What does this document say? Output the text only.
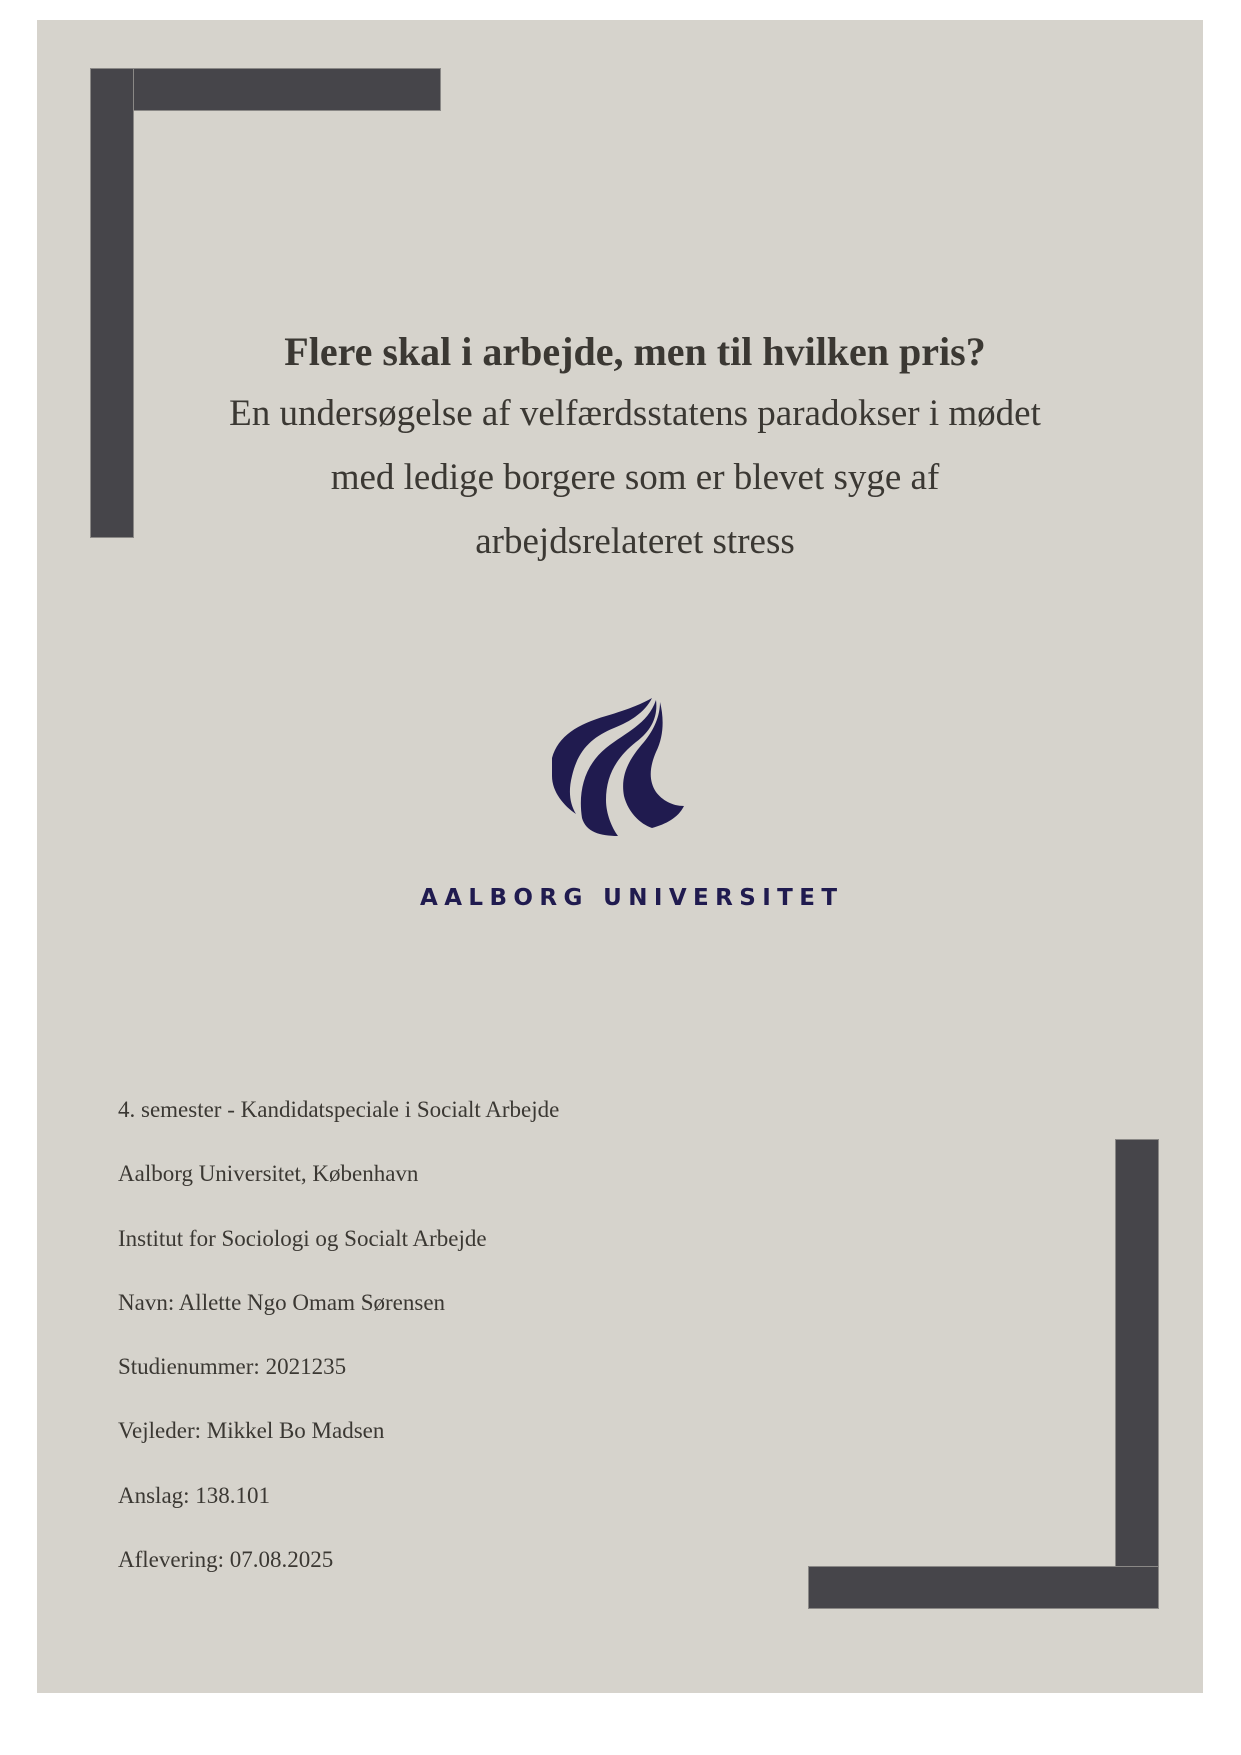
Flere skal i arbejde, men til hvilken pris?

En undersøgelse af velfærdsstatens paradokser i mødet

med ledige borgere som er blevet syge af

arbejdsrelateret stress

AALBORG UNIVERSITET

4. semester - Kandidatspeciale i Socialt Arbejde

Aalborg Universitet, København

Institut for Sociologi og Socialt Arbejde

Navn: Allette Ngo Omam Sørensen

Studienummer: 2021235

Vejleder: Mikkel Bo Madsen

Anslag: 138.101

Aflevering: 07.08.2025
